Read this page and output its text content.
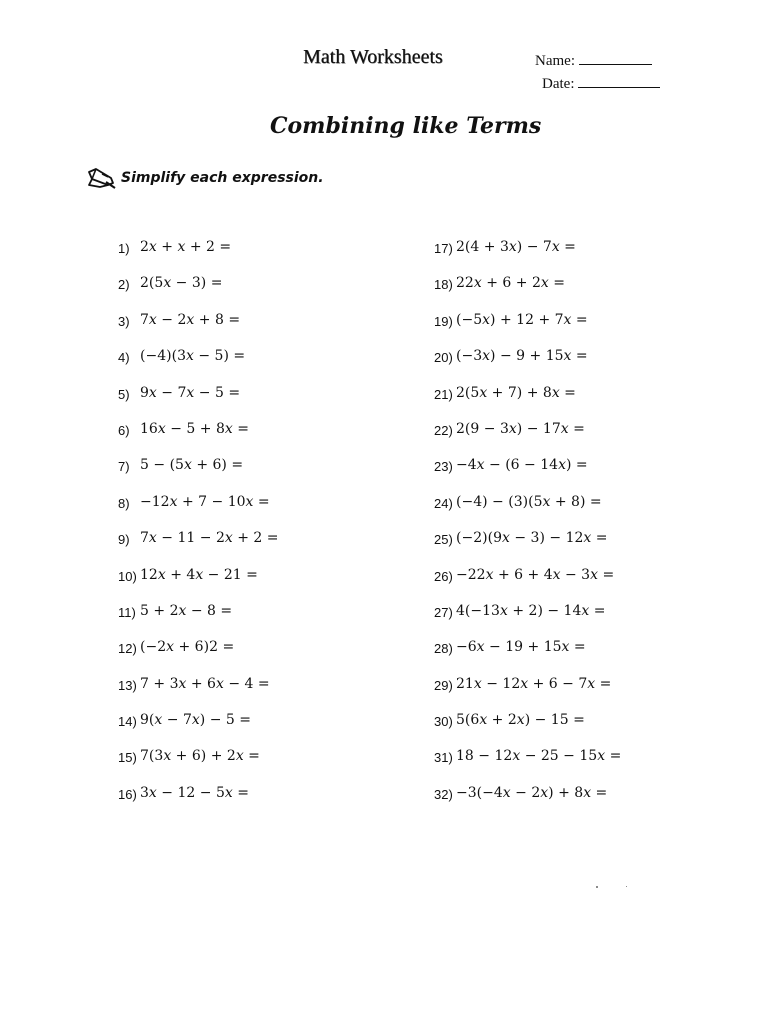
Math Worksheets	Name:
Date:
Combining like Terms
Simplify each expression.
1) 2x + x + 2 =
2) 2(5x − 3) =
3) 7x − 2x + 8 =
4) (−4)(3x − 5) =
5) 9x − 7x − 5 =
6) 16x − 5 + 8x =
7) 5 − (5x + 6) =
8) −12x + 7 − 10x =
9) 7x − 11 − 2x + 2 =
10) 12x + 4x − 21 =
11) 5 + 2x − 8 =
12) (−2x + 6)2 =
13) 7 + 3x + 6x − 4 =
14) 9(x − 7x) − 5 =
15) 7(3x + 6) + 2x =
16) 3x − 12 − 5x =
17) 2(4 + 3x) − 7x =
18) 22x + 6 + 2x =
19) (−5x) + 12 + 7x =
20) (−3x) − 9 + 15x =
21) 2(5x + 7) + 8x =
22) 2(9 − 3x) − 17x =
23) −4x − (6 − 14x) =
24) (−4) − (3)(5x + 8) =
25) (−2)(9x − 3) − 12x =
26) −22x + 6 + 4x − 3x =
27) 4(−13x + 2) − 14x =
28) −6x − 19 + 15x =
29) 21x − 12x + 6 − 7x =
30) 5(6x + 2x) − 15 =
31) 18 − 12x − 25 − 15x =
32) −3(−4x − 2x) + 8x =
